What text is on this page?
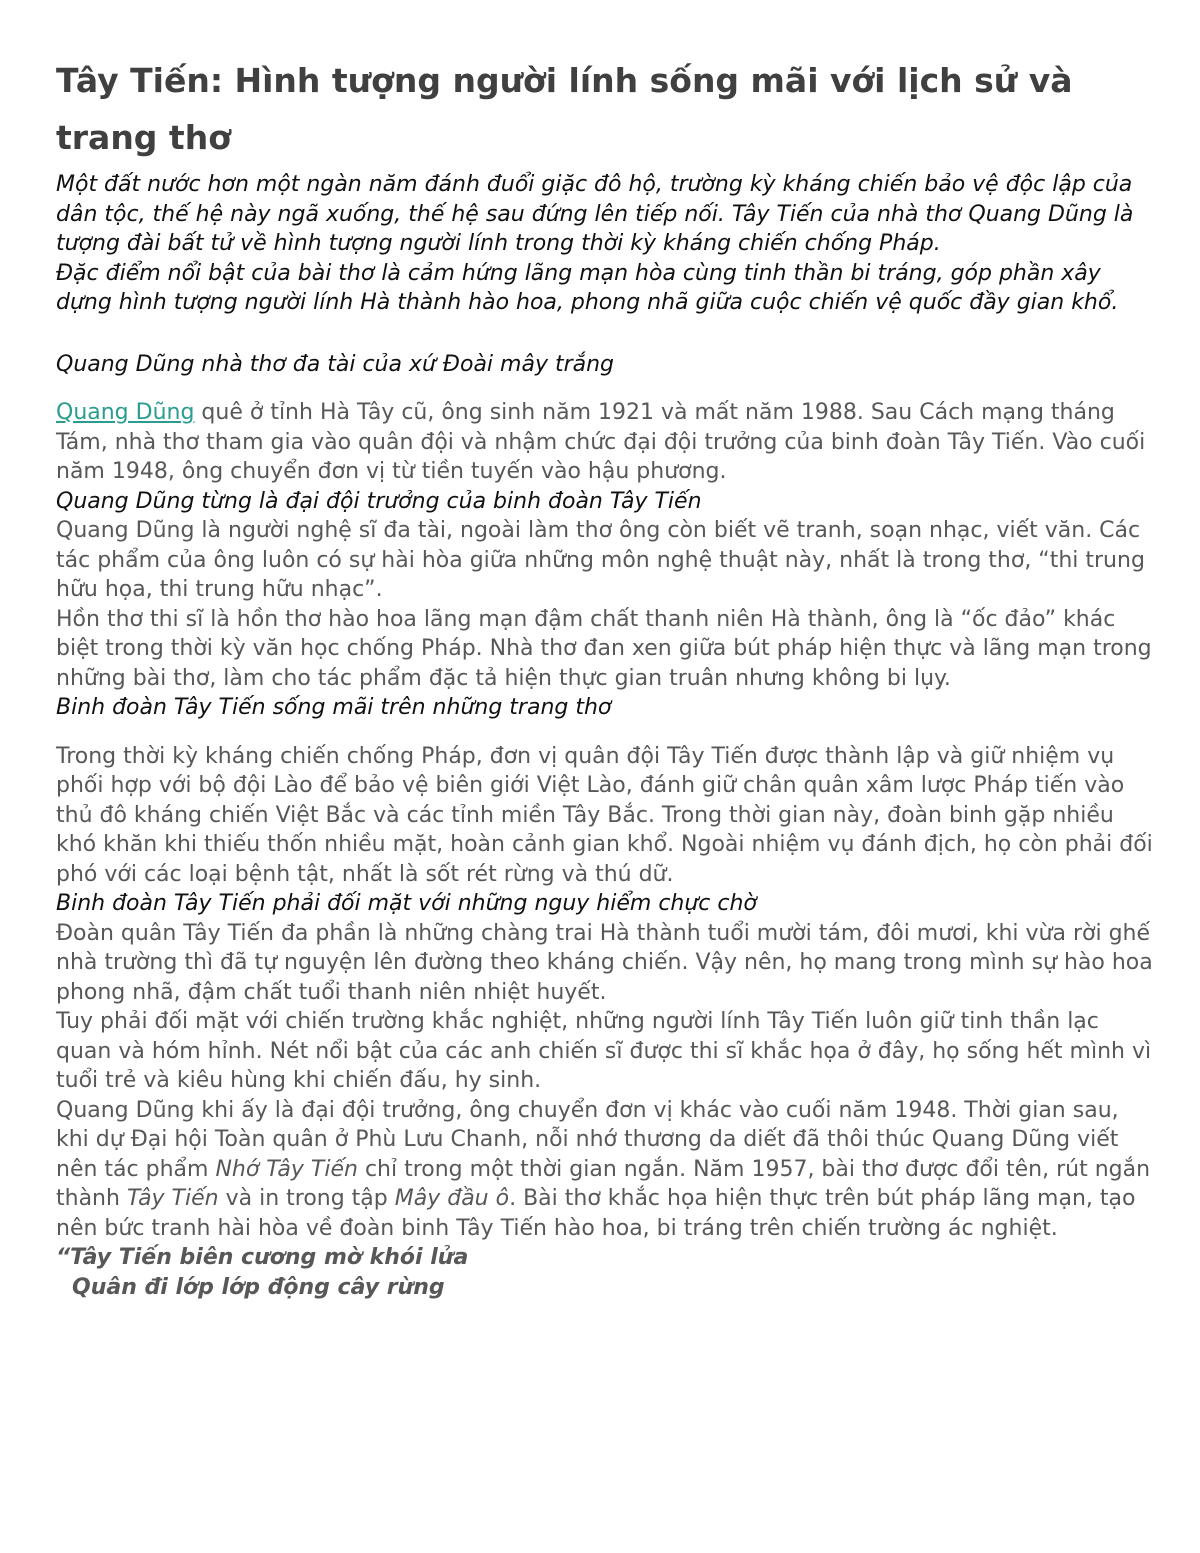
Tây Tiến: Hình tượng người lính sống mãi với lịch sử và trang thơ

Một đất nước hơn một ngàn năm đánh đuổi giặc đô hộ, trường kỳ kháng chiến bảo vệ độc lập của dân tộc, thế hệ này ngã xuống, thế hệ sau đứng lên tiếp nối. Tây Tiến của nhà thơ Quang Dũng là tượng đài bất tử về hình tượng người lính trong thời kỳ kháng chiến chống Pháp.

Đặc điểm nổi bật của bài thơ là cảm hứng lãng mạn hòa cùng tinh thần bi tráng, góp phần xây dựng hình tượng người lính Hà thành hào hoa, phong nhã giữa cuộc chiến vệ quốc đầy gian khổ.

Quang Dũng nhà thơ đa tài của xứ Đoài mây trắng

Quang Dũng quê ở tỉnh Hà Tây cũ, ông sinh năm 1921 và mất năm 1988. Sau Cách mạng tháng Tám, nhà thơ tham gia vào quân đội và nhậm chức đại đội trưởng của binh đoàn Tây Tiến. Vào cuối năm 1948, ông chuyển đơn vị từ tiền tuyến vào hậu phương.

Quang Dũng từng là đại đội trưởng của binh đoàn Tây Tiến

Quang Dũng là người nghệ sĩ đa tài, ngoài làm thơ ông còn biết vẽ tranh, soạn nhạc, viết văn. Các tác phẩm của ông luôn có sự hài hòa giữa những môn nghệ thuật này, nhất là trong thơ, “thi trung hữu họa, thi trung hữu nhạc”.

Hồn thơ thi sĩ là hồn thơ hào hoa lãng mạn đậm chất thanh niên Hà thành, ông là “ốc đảo” khác biệt trong thời kỳ văn học chống Pháp. Nhà thơ đan xen giữa bút pháp hiện thực và lãng mạn trong những bài thơ, làm cho tác phẩm đặc tả hiện thực gian truân nhưng không bi lụy.

Binh đoàn Tây Tiến sống mãi trên những trang thơ

Trong thời kỳ kháng chiến chống Pháp, đơn vị quân đội Tây Tiến được thành lập và giữ nhiệm vụ phối hợp với bộ đội Lào để bảo vệ biên giới Việt Lào, đánh giữ chân quân xâm lược Pháp tiến vào thủ đô kháng chiến Việt Bắc và các tỉnh miền Tây Bắc. Trong thời gian này, đoàn binh gặp nhiều khó khăn khi thiếu thốn nhiều mặt, hoàn cảnh gian khổ. Ngoài nhiệm vụ đánh địch, họ còn phải đối phó với các loại bệnh tật, nhất là sốt rét rừng và thú dữ.

Binh đoàn Tây Tiến phải đối mặt với những nguy hiểm chực chờ

Đoàn quân Tây Tiến đa phần là những chàng trai Hà thành tuổi mười tám, đôi mươi, khi vừa rời ghế nhà trường thì đã tự nguyện lên đường theo kháng chiến. Vậy nên, họ mang trong mình sự hào hoa phong nhã, đậm chất tuổi thanh niên nhiệt huyết.

Tuy phải đối mặt với chiến trường khắc nghiệt, những người lính Tây Tiến luôn giữ tinh thần lạc quan và hóm hỉnh. Nét nổi bật của các anh chiến sĩ được thi sĩ khắc họa ở đây, họ sống hết mình vì tuổi trẻ và kiêu hùng khi chiến đấu, hy sinh.

Quang Dũng khi ấy là đại đội trưởng, ông chuyển đơn vị khác vào cuối năm 1948. Thời gian sau, khi dự Đại hội Toàn quân ở Phù Lưu Chanh, nỗi nhớ thương da diết đã thôi thúc Quang Dũng viết nên tác phẩm Nhớ Tây Tiến chỉ trong một thời gian ngắn. Năm 1957, bài thơ được đổi tên, rút ngắn thành Tây Tiến và in trong tập Mây đầu ô. Bài thơ khắc họa hiện thực trên bút pháp lãng mạn, tạo nên bức tranh hài hòa về đoàn binh Tây Tiến hào hoa, bi tráng trên chiến trường ác nghiệt.

“Tây Tiến biên cương mờ khói lửa

Quân đi lớp lớp động cây rừng
